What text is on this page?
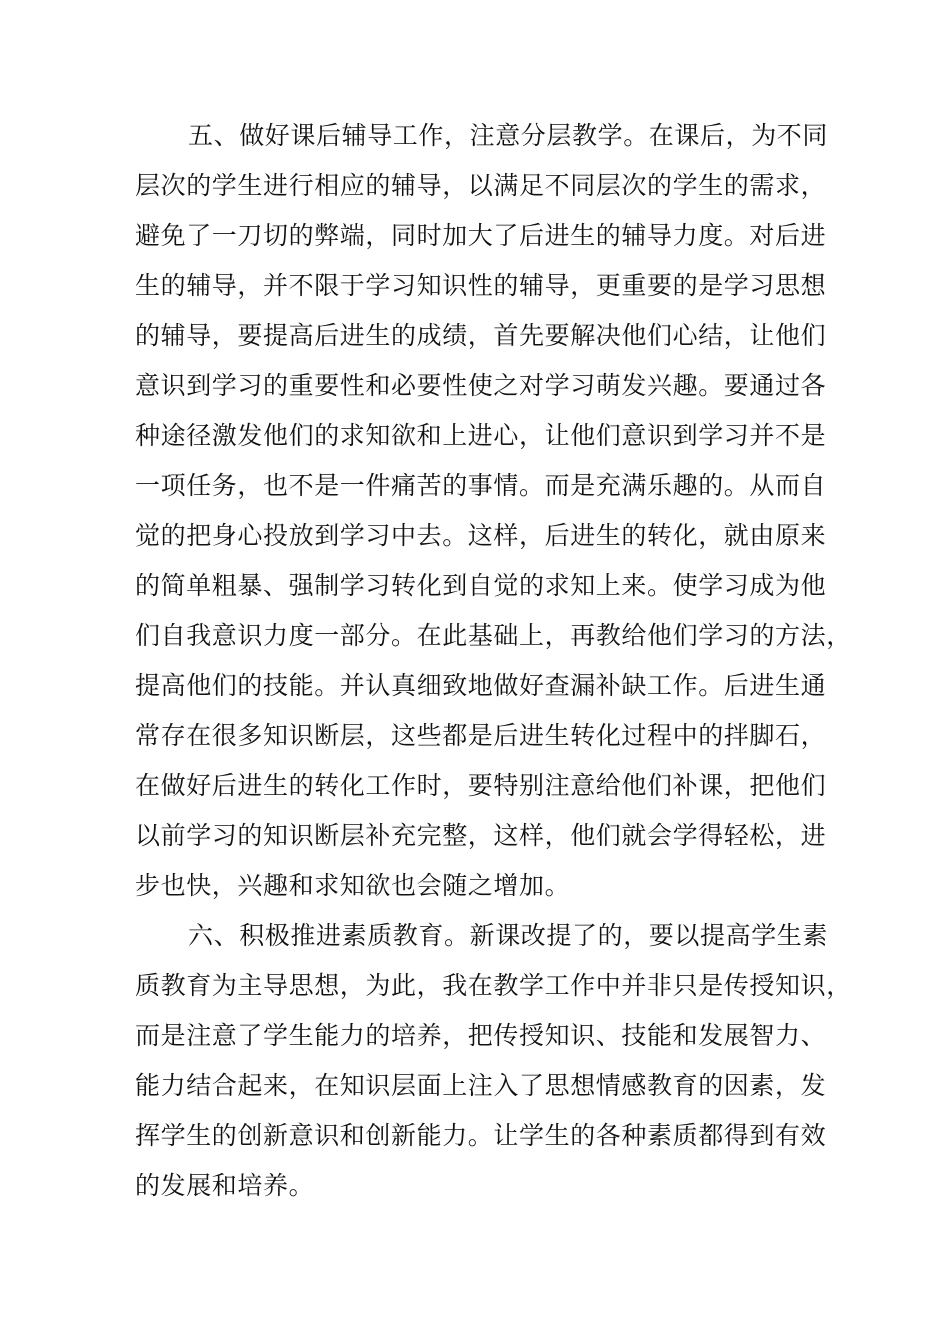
五、做好课后辅导工作，注意分层教学。在课后，为不同
层次的学生进行相应的辅导，以满足不同层次的学生的需求，
避免了一刀切的弊端，同时加大了后进生的辅导力度。对后进
生的辅导，并不限于学习知识性的辅导，更重要的是学习思想
的辅导，要提高后进生的成绩，首先要解决他们心结，让他们
意识到学习的重要性和必要性使之对学习萌发兴趣。要通过各
种途径激发他们的求知欲和上进心，让他们意识到学习并不是
一项任务，也不是一件痛苦的事情。而是充满乐趣的。从而自
觉的把身心投放到学习中去。这样，后进生的转化，就由原来
的简单粗暴、强制学习转化到自觉的求知上来。使学习成为他
们自我意识力度一部分。在此基础上，再教给他们学习的方法，
提高他们的技能。并认真细致地做好查漏补缺工作。后进生通
常存在很多知识断层，这些都是后进生转化过程中的拌脚石，
在做好后进生的转化工作时，要特别注意给他们补课，把他们
以前学习的知识断层补充完整，这样，他们就会学得轻松，进
步也快，兴趣和求知欲也会随之增加。
六、积极推进素质教育。新课改提了的，要以提高学生素
质教育为主导思想，为此，我在教学工作中并非只是传授知识，
而是注意了学生能力的培养，把传授知识、技能和发展智力、
能力结合起来，在知识层面上注入了思想情感教育的因素，发
挥学生的创新意识和创新能力。让学生的各种素质都得到有效
的发展和培养。
